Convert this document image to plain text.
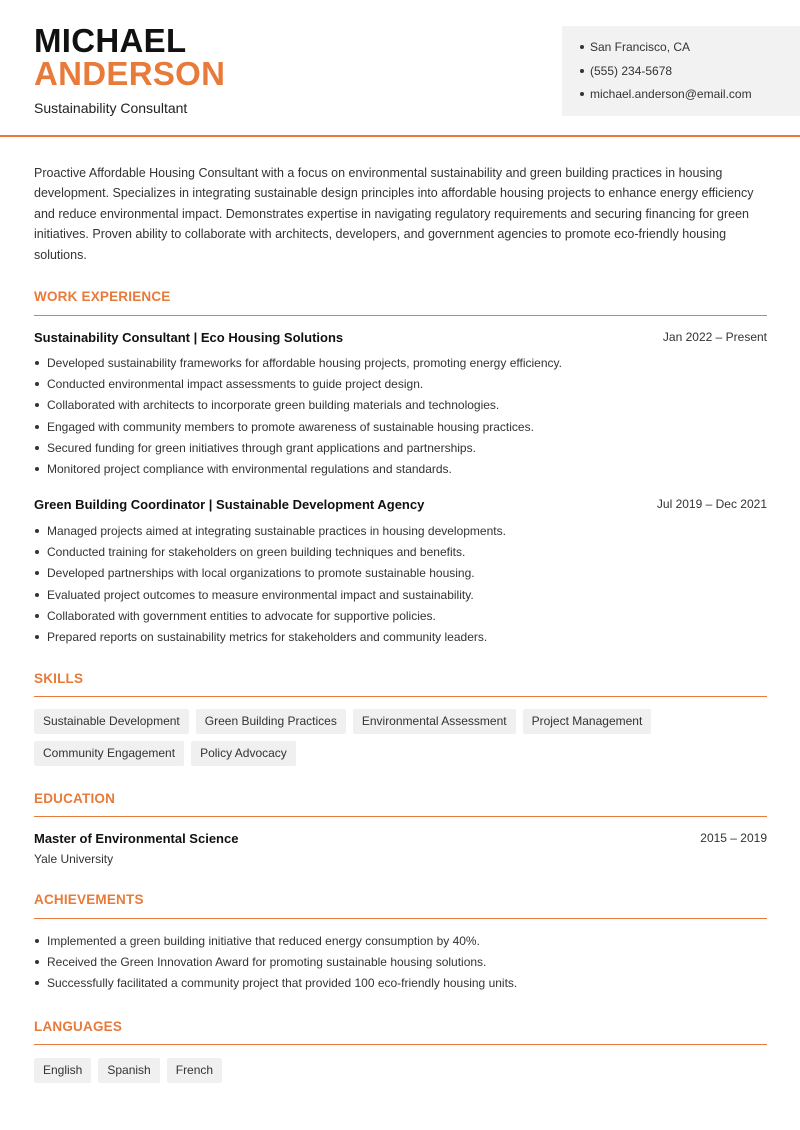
MICHAEL
ANDERSON
Sustainability Consultant
San Francisco, CA
(555) 234-5678
michael.anderson@email.com
Proactive Affordable Housing Consultant with a focus on environmental sustainability and green building practices in housing development. Specializes in integrating sustainable design principles into affordable housing projects to enhance energy efficiency and reduce environmental impact. Demonstrates expertise in navigating regulatory requirements and securing financing for green initiatives. Proven ability to collaborate with architects, developers, and government agencies to promote eco-friendly housing solutions.
WORK EXPERIENCE
Sustainability Consultant | Eco Housing Solutions	Jan 2022 – Present
Developed sustainability frameworks for affordable housing projects, promoting energy efficiency.
Conducted environmental impact assessments to guide project design.
Collaborated with architects to incorporate green building materials and technologies.
Engaged with community members to promote awareness of sustainable housing practices.
Secured funding for green initiatives through grant applications and partnerships.
Monitored project compliance with environmental regulations and standards.
Green Building Coordinator | Sustainable Development Agency	Jul 2019 – Dec 2021
Managed projects aimed at integrating sustainable practices in housing developments.
Conducted training for stakeholders on green building techniques and benefits.
Developed partnerships with local organizations to promote sustainable housing.
Evaluated project outcomes to measure environmental impact and sustainability.
Collaborated with government entities to advocate for supportive policies.
Prepared reports on sustainability metrics for stakeholders and community leaders.
SKILLS
Sustainable Development	Green Building Practices	Environmental Assessment	Project Management
Community Engagement	Policy Advocacy
EDUCATION
Master of Environmental Science	2015 – 2019
Yale University
ACHIEVEMENTS
Implemented a green building initiative that reduced energy consumption by 40%.
Received the Green Innovation Award for promoting sustainable housing solutions.
Successfully facilitated a community project that provided 100 eco-friendly housing units.
LANGUAGES
English	Spanish	French
